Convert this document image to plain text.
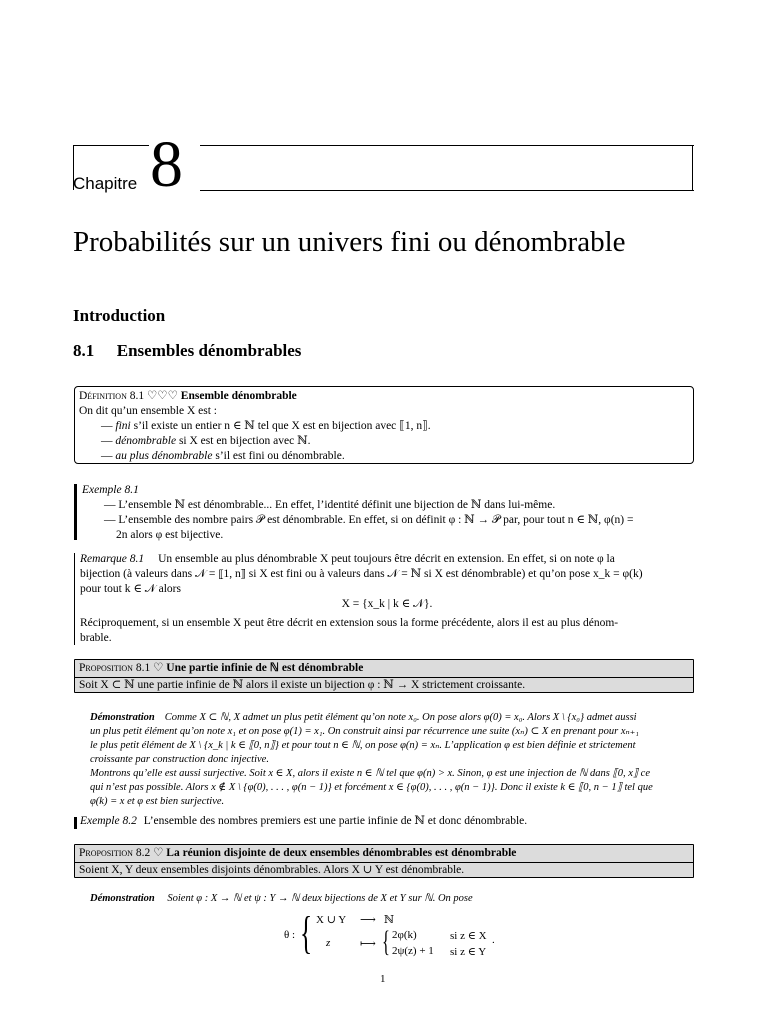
Chapitre 8
Probabilités sur un univers fini ou dénombrable
Introduction
8.1 Ensembles dénombrables
Définition 8.1 ♡♡♡ Ensemble dénombrable
On dit qu’un ensemble X est :
— fini s’il existe un entier n ∈ ℕ tel que X est en bijection avec ⟦1, n⟧.
— dénombrable si X est en bijection avec ℕ.
— au plus dénombrable s’il est fini ou dénombrable.
Exemple 8.1
— L’ensemble ℕ est dénombrable... En effet, l’identité définit une bijection de ℕ dans lui-même.
— L’ensemble des nombre pairs 𝒫 est dénombrable. En effet, si on définit φ : ℕ → 𝒫 par, pour tout n ∈ ℕ, φ(n) =
2n alors φ est bijective.
Remarque 8.1 Un ensemble au plus dénombrable X peut toujours être décrit en extension. En effet, si on note φ la
bijection (à valeurs dans 𝒩 = ⟦1, n⟧ si X est fini ou à valeurs dans 𝒩 = ℕ si X est dénombrable) et qu’on pose x_k = φ(k)
pour tout k ∈ 𝒩 alors
X = {x_k | k ∈ 𝒩}.
Réciproquement, si un ensemble X peut être décrit en extension sous la forme précédente, alors il est au plus dénom-
brable.
Proposition 8.1 ♡ Une partie infinie de ℕ est dénombrable
Soit X ⊂ ℕ une partie infinie de ℕ alors il existe un bijection φ : ℕ → X strictement croissante.
Démonstration Comme X ⊂ ℕ, X admet un plus petit élément qu’on note x₀. On pose alors φ(0) = x₀. Alors X \ {x₀} admet aussi
un plus petit élément qu’on note x₁ et on pose φ(1) = x₁. On construit ainsi par récurrence une suite (xₙ) ⊂ X en prenant pour xₙ₊₁
le plus petit élément de X \ {x_k | k ∈ ⟦0, n⟧} et pour tout n ∈ ℕ, on pose φ(n) = xₙ. L’application φ est bien définie et strictement
croissante par construction donc injective.
Montrons qu’elle est aussi surjective. Soit x ∈ X, alors il existe n ∈ ℕ tel que φ(n) > x. Sinon, φ est une injection de ℕ dans ⟦0, x⟧ ce
qui n’est pas possible. Alors x ∉ X \ {φ(0), . . . , φ(n − 1)} et forcément x ∈ {φ(0), . . . , φ(n − 1)}. Donc il existe k ∈ ⟦0, n − 1⟧ tel que
φ(k) = x et φ est bien surjective.
Exemple 8.2 L’ensemble des nombres premiers est une partie infinie de ℕ et donc dénombrable.
Proposition 8.2 ♡ La réunion disjointe de deux ensembles dénombrables est dénombrable
Soient X, Y deux ensembles disjoints dénombrables. Alors X ∪ Y est dénombrable.
Démonstration Soient φ : X → ℕ et ψ : Y → ℕ deux bijections de X et Y sur ℕ. On pose
θ : { X ∪ Y ⟶ ℕ
z	⟼ { 2φ(k)	si z ∈ X
2ψ(z) + 1 si z ∈ Y
.
1
